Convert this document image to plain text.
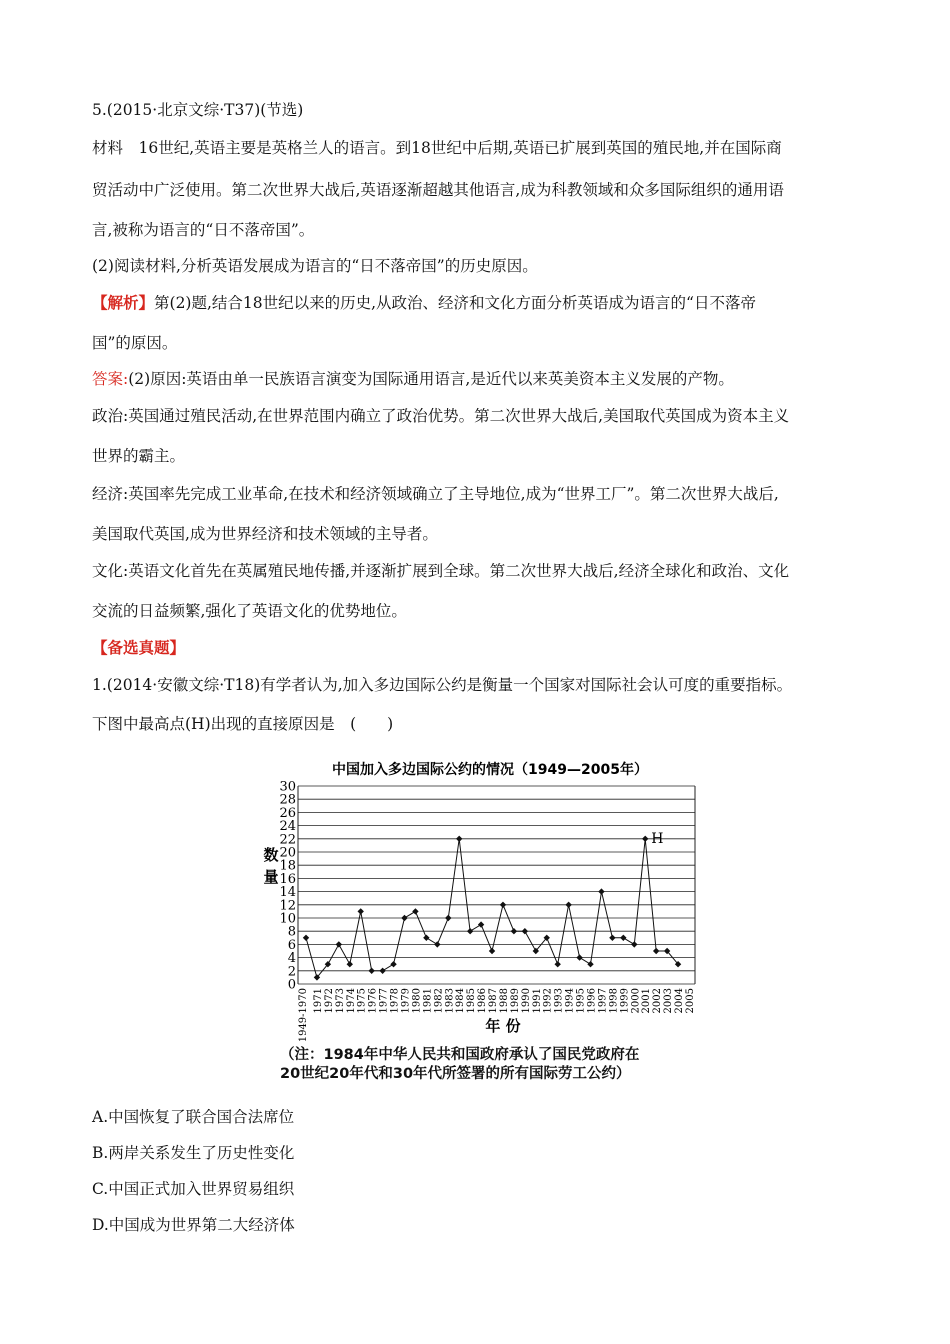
5.(2015·北京文综·T37)(节选)
材料　16世纪,英语主要是英格兰人的语言。到18世纪中后期,英语已扩展到英国的殖民地,并在国际商
贸活动中广泛使用。第二次世界大战后,英语逐渐超越其他语言,成为科教领域和众多国际组织的通用语
言,被称为语言的“日不落帝国”。
(2)阅读材料,分析英语发展成为语言的“日不落帝国”的历史原因。
【解析】第(2)题,结合18世纪以来的历史,从政治、经济和文化方面分析英语成为语言的“日不落帝
国”的原因。
答案:(2)原因:英语由单一民族语言演变为国际通用语言,是近代以来英美资本主义发展的产物。
政治:英国通过殖民活动,在世界范围内确立了政治优势。第二次世界大战后,美国取代英国成为资本主义
世界的霸主。
经济:英国率先完成工业革命,在技术和经济领域确立了主导地位,成为“世界工厂”。第二次世界大战后,
美国取代英国,成为世界经济和技术领域的主导者。
文化:英语文化首先在英属殖民地传播,并逐渐扩展到全球。第二次世界大战后,经济全球化和政治、文化
交流的日益频繁,强化了英语文化的优势地位。
【备选真题】
1.(2014·安徽文综·T18)有学者认为,加入多边国际公约是衡量一个国家对国际社会认可度的重要指标。
下图中最高点(H)出现的直接原因是　(　　)
中国加入多边国际公约的情况（1949—2005年）
0
2
4
6
8
10
12
14
16
18
20
22
24
26
28
30
数
量
1949-1970 1971 1972 1973 1974 1975 1976 1977 1978 1979 1980 1981 1982 1983 1984 1985 1986 1987 1988 1989 1990 1991 1992 1993 1994 1995 1996 1997 1998 1999 2000 2001 2002 2003 2004 2005
年 份
H
（注：1984年中华人民共和国政府承认了国民党政府在
20世纪20年代和30年代所签署的所有国际劳工公约）
A.中国恢复了联合国合法席位
B.两岸关系发生了历史性变化
C.中国正式加入世界贸易组织
D.中国成为世界第二大经济体
